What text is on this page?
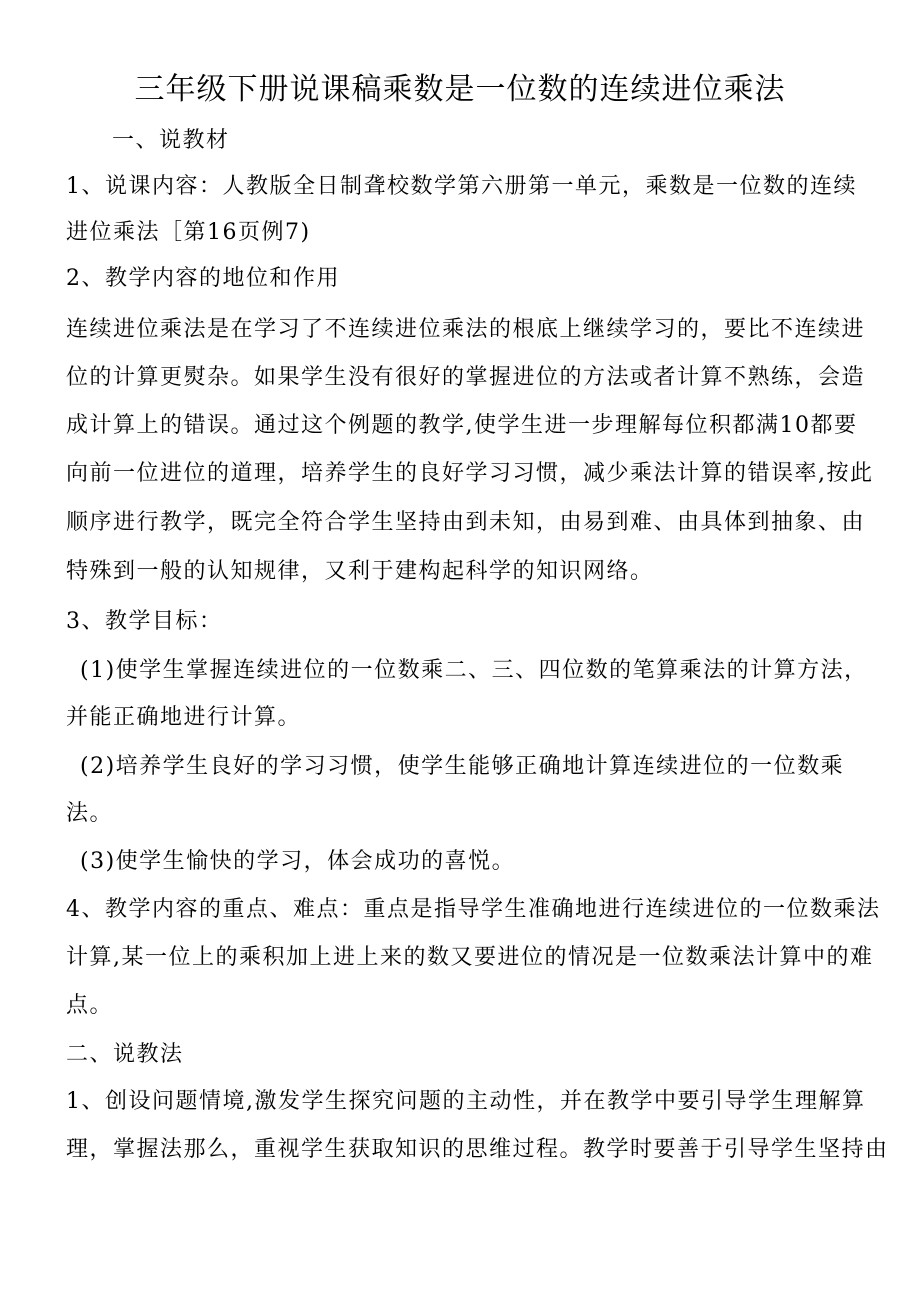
三年级下册说课稿乘数是一位数的连续进位乘法
一、说教材
1、说课内容：人教版全日制聋校数学第六册第一单元，乘数是一位数的连续
进位乘法［第16页例7)
2、教学内容的地位和作用
连续进位乘法是在学习了不连续进位乘法的根底上继续学习的，要比不连续进
位的计算更熨杂。如果学生没有很好的掌握进位的方法或者计算不熟练，会造
成计算上的错误。通过这个例题的教学,使学生进一步理解每位积都满10都要
向前一位进位的道理，培养学生的良好学习习惯，减少乘法计算的错误率,按此
顺序进行教学，既完全符合学生坚持由到未知，由易到难、由具体到抽象、由
特殊到一般的认知规律，又利于建构起科学的知识网络。
3、教学目标：
(1)使学生掌握连续进位的一位数乘二、三、四位数的笔算乘法的计算方法，
并能正确地进行计算。
(2)培养学生良好的学习习惯，使学生能够正确地计算连续进位的一位数乘
法。
(3)使学生愉快的学习，体会成功的喜悦。
4、教学内容的重点、难点：重点是指导学生准确地进行连续进位的一位数乘法
计算,某一位上的乘积加上进上来的数又要进位的情况是一位数乘法计算中的难
点。
二、说教法
1、创设问题情境,激发学生探究问题的主动性，并在教学中要引导学生理解算
理，掌握法那么，重视学生获取知识的思维过程。教学时要善于引导学生坚持由
